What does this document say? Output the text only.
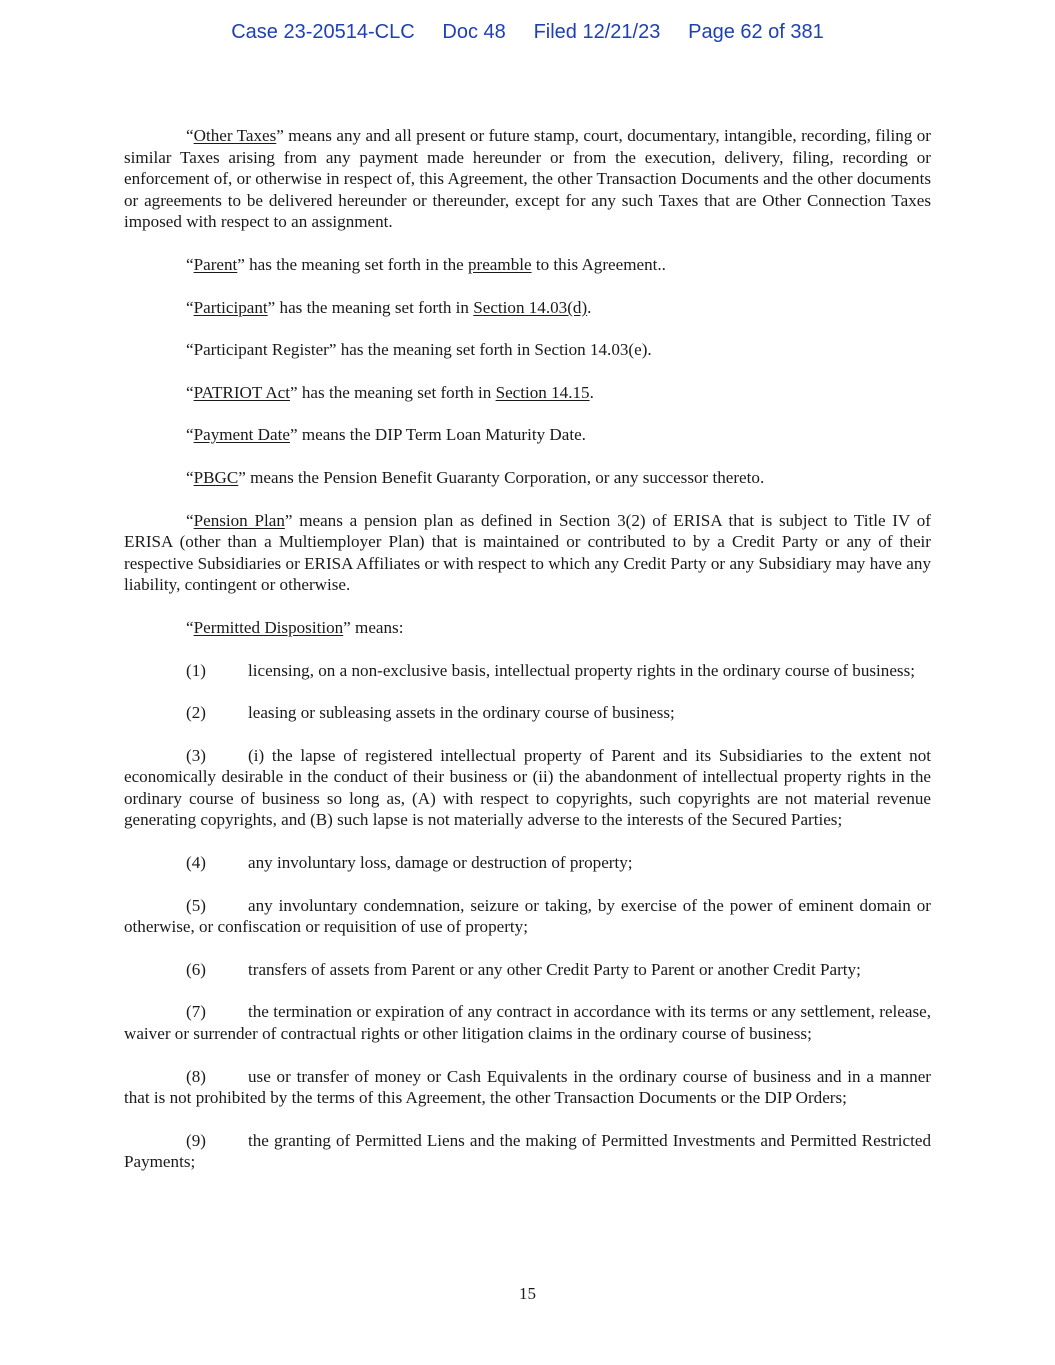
Case 23-20514-CLC     Doc 48     Filed 12/21/23     Page 62 of 381

“Other Taxes” means any and all present or future stamp, court, documentary, intangible, recording, filing or similar Taxes arising from any payment made hereunder or from the execution, delivery, filing, recording or enforcement of, or otherwise in respect of, this Agreement, the other Transaction Documents and the other documents or agreements to be delivered hereunder or thereunder, except for any such Taxes that are Other Connection Taxes imposed with respect to an assignment.

“Parent” has the meaning set forth in the preamble to this Agreement..

“Participant” has the meaning set forth in Section 14.03(d).

“Participant Register” has the meaning set forth in Section 14.03(e).

“PATRIOT Act” has the meaning set forth in Section 14.15.

“Payment Date” means the DIP Term Loan Maturity Date.

“PBGC” means the Pension Benefit Guaranty Corporation, or any successor thereto.

“Pension Plan” means a pension plan as defined in Section 3(2) of ERISA that is subject to Title IV of ERISA (other than a Multiemployer Plan) that is maintained or contributed to by a Credit Party or any of their respective Subsidiaries or ERISA Affiliates or with respect to which any Credit Party or any Subsidiary may have any liability, contingent or otherwise.

“Permitted Disposition” means:

(1) licensing, on a non-exclusive basis, intellectual property rights in the ordinary course of business;

(2) leasing or subleasing assets in the ordinary course of business;

(3) (i) the lapse of registered intellectual property of Parent and its Subsidiaries to the extent not economically desirable in the conduct of their business or (ii) the abandonment of intellectual property rights in the ordinary course of business so long as, (A) with respect to copyrights, such copyrights are not material revenue generating copyrights, and (B) such lapse is not materially adverse to the interests of the Secured Parties;

(4) any involuntary loss, damage or destruction of property;

(5) any involuntary condemnation, seizure or taking, by exercise of the power of eminent domain or otherwise, or confiscation or requisition of use of property;

(6) transfers of assets from Parent or any other Credit Party to Parent or another Credit Party;

(7) the termination or expiration of any contract in accordance with its terms or any settlement, release, waiver or surrender of contractual rights or other litigation claims in the ordinary course of business;

(8) use or transfer of money or Cash Equivalents in the ordinary course of business and in a manner that is not prohibited by the terms of this Agreement, the other Transaction Documents or the DIP Orders;

(9) the granting of Permitted Liens and the making of Permitted Investments and Permitted Restricted Payments;

15
